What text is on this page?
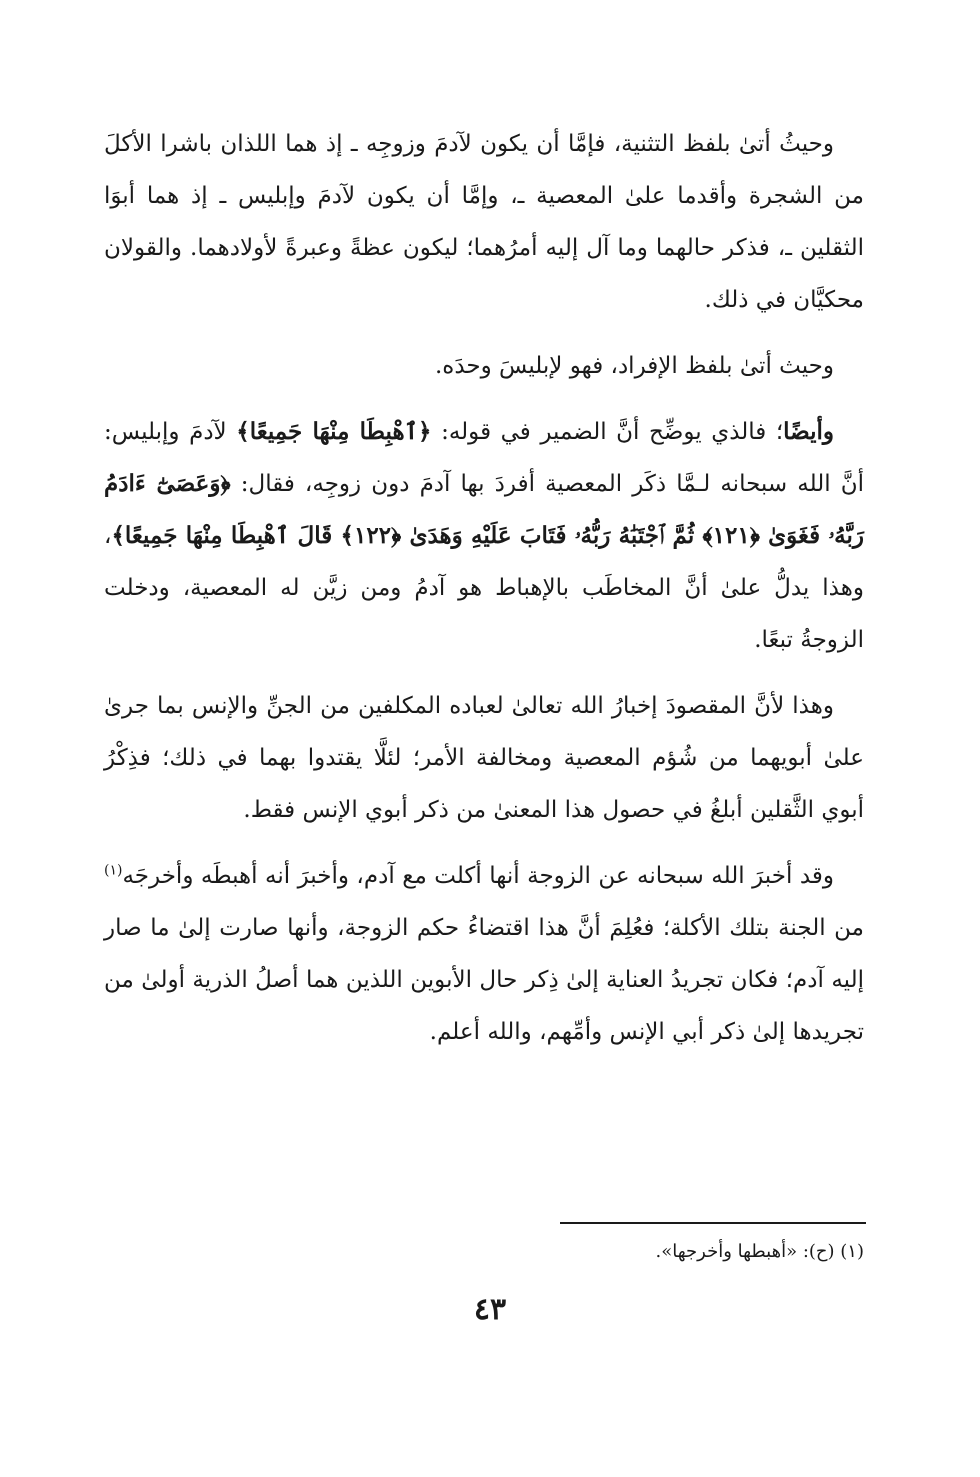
وحيثُ أتىٰ بلفظ التثنية، فإمَّا أن يكون لآدمَ وزوجِه ـ إذ هما اللذان باشرا الأكلَ من الشجرة وأقدما علىٰ المعصية ـ، وإمَّا أن يكون لآدمَ وإبليس ـ إذ هما أبوَا الثقلين ـ، فذكر حالهما وما آل إليه أمرُهما؛ ليكون عظةً وعبرةً لأولادهما. والقولان محكيَّان في ذلك.

وحيث أتىٰ بلفظ الإفراد، فهو لإبليسَ وحدَه.

وأيضًا؛ فالذي يوضِّح أنَّ الضمير في قوله: ﴿ٱهْبِطَا مِنْهَا جَمِيعًا﴾ لآدمَ وإبليس: أنَّ الله سبحانه لـمَّا ذكَر المعصية أفردَ بها آدمَ دون زوجِه، فقال: ﴿وَعَصَىٰٓ ءَادَمُ رَبَّهُۥ فَغَوَىٰ ﴿١٢١﴾ ثُمَّ ٱجْتَبَٰهُ رَبُّهُۥ فَتَابَ عَلَيْهِ وَهَدَىٰ ﴿١٢٢﴾ قَالَ ٱهْبِطَا مِنْهَا جَمِيعًا﴾، وهذا يدلُّ علىٰ أنَّ المخاطَب بالإهباط هو آدمُ ومن زيَّن له المعصية، ودخلت الزوجةُ تبعًا.

وهذا لأنَّ المقصودَ إخبارُ الله تعالىٰ لعباده المكلفين من الجنِّ والإنس بما جرىٰ علىٰ أبويهما من شُؤم المعصية ومخالفة الأمر؛ لئلَّا يقتدوا بهما في ذلك؛ فذِكْرُ أبوي الثَّقلين أبلغُ في حصول هذا المعنىٰ من ذكر أبوي الإنس فقط.

وقد أخبرَ الله سبحانه عن الزوجة أنها أكلت مع آدم، وأخبرَ أنه أهبطَه وأخرجَه$^{(١)}$ من الجنة بتلك الأكلة؛ فعُلِمَ أنَّ هذا اقتضاءُ حكم الزوجة، وأنها صارت إلىٰ ما صار إليه آدم؛ فكان تجريدُ العناية إلىٰ ذِكر حال الأبوين اللذين هما أصلُ الذرية أولىٰ من تجريدها إلىٰ ذكر أبي الإنس وأمِّهم، والله أعلم.

(١) (ح): «أهبطها وأخرجها».
٤٣
